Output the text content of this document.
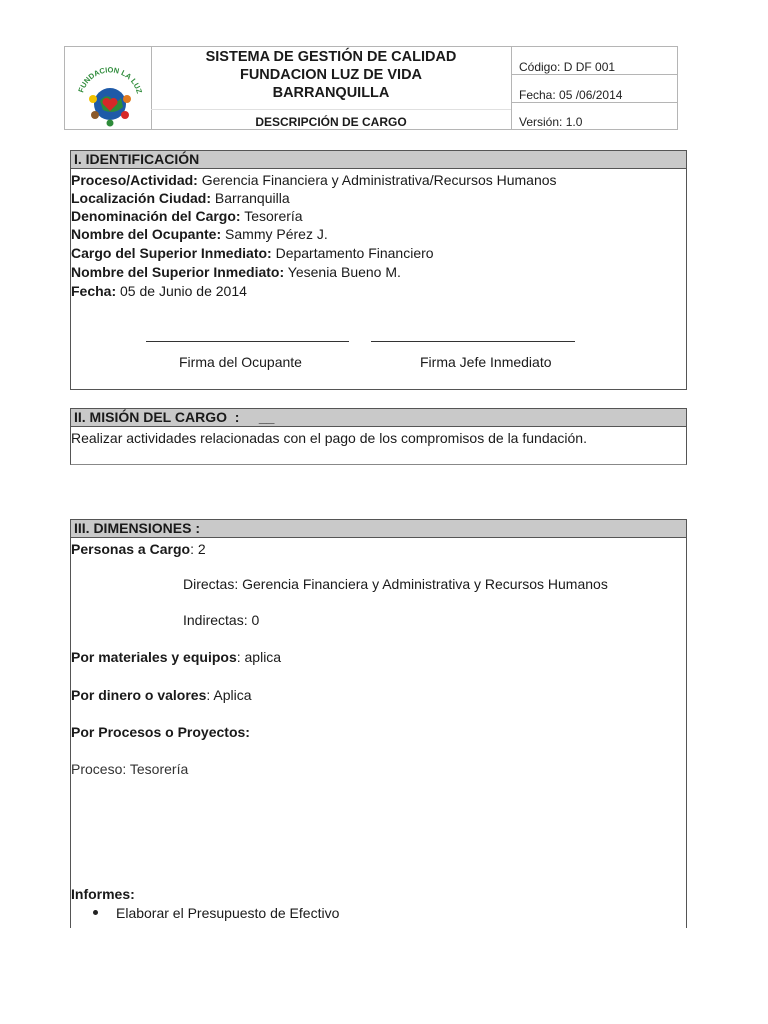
FUNDACION LA LUZ
SISTEMA DE GESTIÓN DE CALIDAD
FUNDACION LUZ DE VIDA
BARRANQUILLA
DESCRIPCIÓN DE CARGO
Código: D DF 001
Fecha: 05 /06/2014
Versión: 1.0
I. IDENTIFICACIÓN
Proceso/Actividad: Gerencia Financiera y Administrativa/Recursos Humanos
Localización Ciudad: Barranquilla
Denominación del Cargo: Tesorería
Nombre del Ocupante: Sammy Pérez J.
Cargo del Superior Inmediato: Departamento Financiero
Nombre del Superior Inmediato: Yesenia Bueno M.
Fecha: 05 de Junio de 2014
Firma del Ocupante	Firma Jefe Inmediato
II. MISIÓN DEL CARGO  :     __
Realizar actividades relacionadas con el pago de los compromisos de la fundación.
III. DIMENSIONES :
Personas a Cargo: 2
Directas: Gerencia Financiera y Administrativa y Recursos Humanos
Indirectas: 0
Por materiales y equipos: aplica
Por dinero o valores: Aplica
Por Procesos o Proyectos:
Proceso: Tesorería
Informes:
Elaborar el Presupuesto de Efectivo
